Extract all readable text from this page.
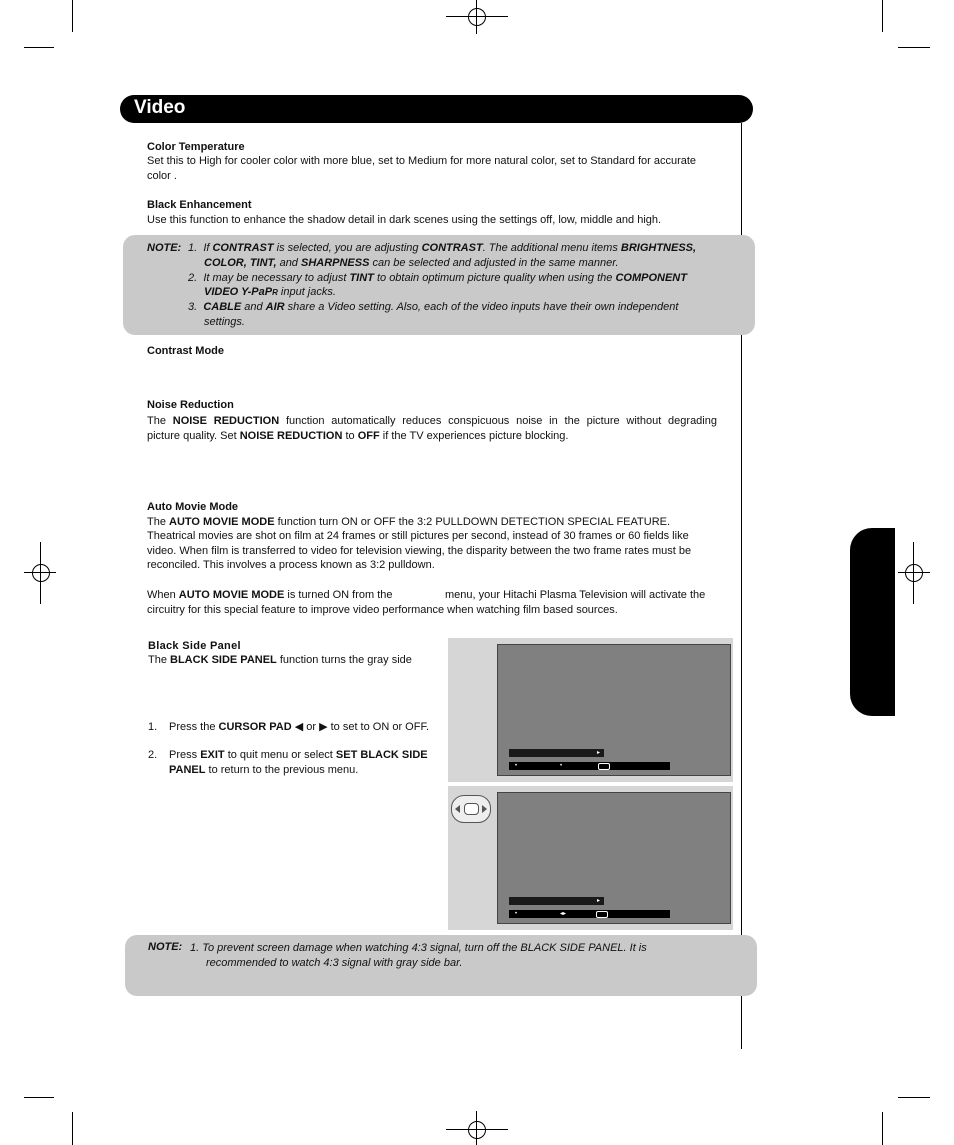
Video
Color Temperature
Set this to High for cooler color with more blue, set to Medium for more natural color, set to Standard for accurate
color .
Black Enhancement
Use this function to enhance the shadow detail in dark scenes using the settings off, low, middle and high.
NOTE: 1. If CONTRAST is selected, you are adjusting CONTRAST. The additional menu items BRIGHTNESS,
COLOR, TINT, and SHARPNESS can be selected and adjusted in the same manner.
2. It may be necessary to adjust TINT to obtain optimum picture quality when using the COMPONENT
VIDEO Y-PaPR input jacks.
3. CABLE and AIR share a Video setting. Also, each of the video inputs have their own independent
settings.
Contrast Mode
Noise Reduction
The NOISE REDUCTION function automatically reduces conspicuous noise in the picture without degrading
picture quality. Set NOISE REDUCTION to OFF if the TV experiences picture blocking.
Auto Movie Mode
The AUTO MOVIE MODE function turn ON or OFF the 3:2 PULLDOWN DETECTION SPECIAL FEATURE.
Theatrical movies are shot on film at 24 frames or still pictures per second, instead of 30 frames or 60 fields like
video. When film is transferred to video for television viewing, the disparity between the two frame rates must be
reconciled. This involves a process known as 3:2 pulldown.
When AUTO MOVIE MODE is turned ON from the	menu, your Hitachi Plasma Television will activate the
circuitry for this special feature to improve video performance when watching film based sources.
Black Side Panel
The BLACK SIDE PANEL function turns the gray side
1.	Press the CURSOR PAD ◀ or ▶ to set to ON or OFF.
2.	Press EXIT to quit menu or select SET BLACK SIDE
PANEL to return to the previous menu.
▸
•	•
▸
•	◂▸
NOTE: 1. To prevent screen damage when watching 4:3 signal, turn off the BLACK SIDE PANEL. It is
recommended to watch 4:3 signal with gray side bar.
